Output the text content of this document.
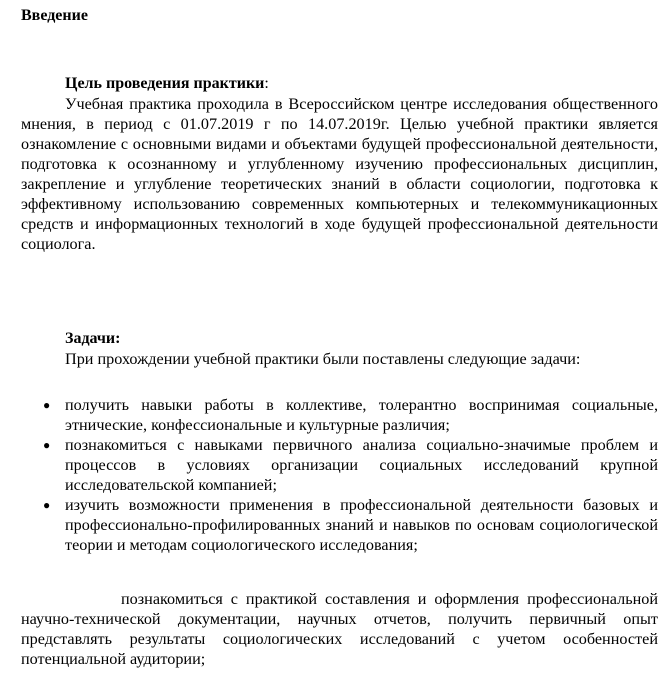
Введение

Цель проведения практики:

Учебная практика проходила в Всероссийском центре исследования общественного мнения, в период с 01.07.2019 г по 14.07.2019г. Целью учебной практики является ознакомление с основными видами и объектами будущей профессиональной деятельности, подготовка к осознанному и углубленному изучению профессиональных дисциплин, закрепление и углубление теоретических знаний в области социологии, подготовка к эффективному использованию современных компьютерных и телекоммуникационных средств и информационных технологий в ходе будущей профессиональной деятельности социолога.

Задачи:

При прохождении учебной практики были поставлены следующие задачи:

● получить навыки работы в коллективе, толерантно воспринимая социальные, этнические, конфессиональные и культурные различия;
● познакомиться с навыками первичного анализа социально-значимые проблем и процессов в условиях организации социальных исследований крупной исследовательской компанией;
● изучить возможности применения в профессиональной деятельности базовых и профессионально-профилированных знаний и навыков по основам социологической теории и методам социологического исследования;

познакомиться с практикой составления и оформления профессиональной научно-технической документации, научных отчетов, получить первичный опыт представлять результаты социологических исследований с учетом особенностей потенциальной аудитории;
